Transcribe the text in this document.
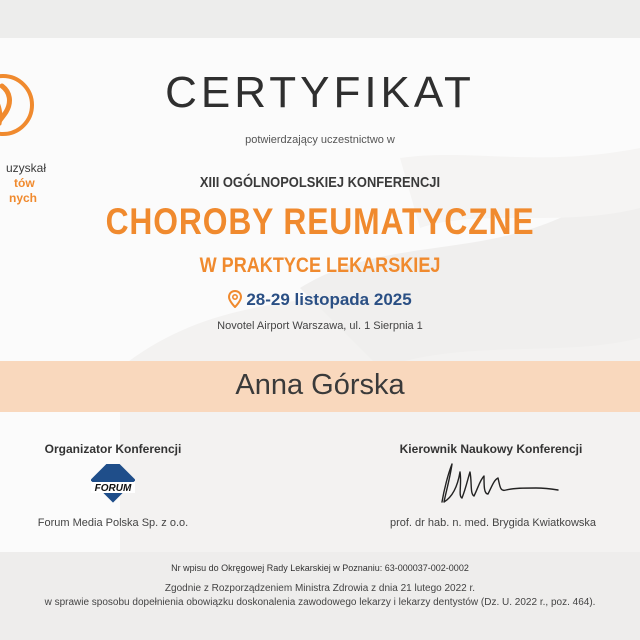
uzyskał
tów
nych
CERTYFIKAT
potwierdzający uczestnictwo w
XIII OGÓLNOPOLSKIEJ KONFERENCJI
CHOROBY REUMATYCZNE
W PRAKTYCE LEKARSKIEJ
28-29 listopada 2025
Novotel Airport Warszawa, ul. 1 Sierpnia 1
Anna Górska
Organizator Konferencji
FORUM
Forum Media Polska Sp. z o.o.
Kierownik Naukowy Konferencji
prof. dr hab. n. med. Brygida Kwiatkowska
Nr wpisu do Okręgowej Rady Lekarskiej w Poznaniu: 63-000037-002-0002
Zgodnie z Rozporządzeniem Ministra Zdrowia z dnia 21 lutego 2022 r.
w sprawie sposobu dopełnienia obowiązku doskonalenia zawodowego lekarzy i lekarzy dentystów (Dz. U. 2022 r., poz. 464).
